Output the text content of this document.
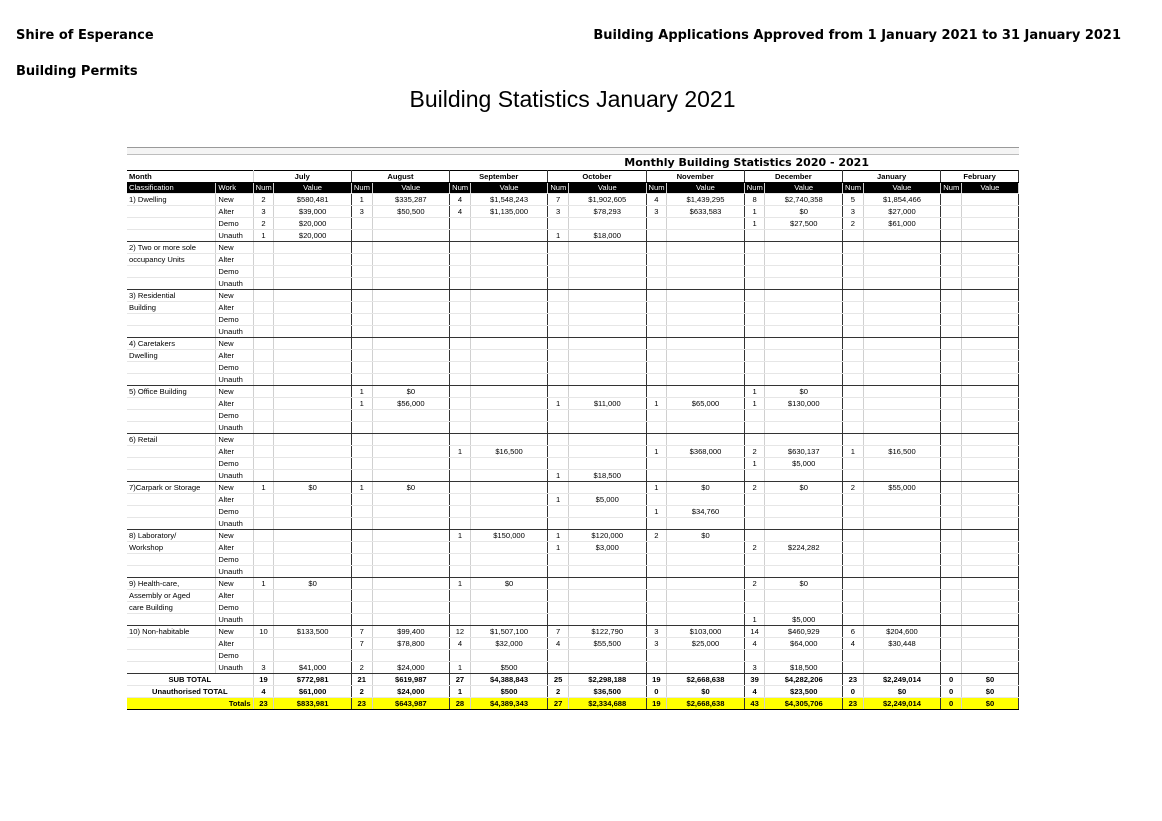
Shire of Esperance
Building Permits
Building Applications Approved from 1 January 2021 to 31 January 2021
Building Statistics January 2021
Monthly Building Statistics 2020 - 2021
Month		July		August		September		October		November		December		January		February	
Classification	Work	Num	Value	Num	Value	Num	Value	Num	Value	Num	Value	Num	Value	Num	Value	Num	Value
1) Dwelling	New	2	$580,481	1	$335,287	4	$1,548,243	7	$1,902,605	4	$1,439,295	8	$2,740,358	5	$1,854,466		
	Alter	3	$39,000	3	$50,500	4	$1,135,000	3	$78,293	3	$633,583	1	$0	3	$27,000		
	Demo	2	$20,000									1	$27,500	2	$61,000		
	Unauth	1	$20,000					1	$18,000								
2) Two or more sole	New																
occupancy Units	Alter																
	Demo																
	Unauth																
3) Residential	New																
Building	Alter																
	Demo																
	Unauth																
4) Caretakers	New																
Dwelling	Alter																
	Demo																
	Unauth																
5) Office Building	New			1	$0							1	$0				
	Alter			1	$56,000			1	$11,000	1	$65,000	1	$130,000				
	Demo																
	Unauth																
6) Retail	New																
	Alter					1	$16,500			1	$368,000	2	$630,137	1	$16,500		
	Demo											1	$5,000				
	Unauth							1	$18,500								
7)Carpark or Storage	New	1	$0	1	$0					1	$0	2	$0	2	$55,000		
	Alter							1	$5,000								
	Demo									1	$34,760						
	Unauth																
8) Laboratory/	New					1	$150,000	1	$120,000	2	$0						
Workshop	Alter							1	$3,000			2	$224,282				
	Demo																
	Unauth																
9) Health-care,	New	1	$0			1	$0					2	$0				
Assembly or Aged	Alter																
care Building	Demo																
	Unauth											1	$5,000				
10) Non-habitable	New	10	$133,500	7	$99,400	12	$1,507,100	7	$122,790	3	$103,000	14	$460,929	6	$204,600		
	Alter			7	$78,800	4	$32,000	4	$55,500	3	$25,000	4	$64,000	4	$30,448		
	Demo																
	Unauth	3	$41,000	2	$24,000	1	$500					3	$18,500				
SUB TOTAL		19	$772,981	21	$619,987	27	$4,388,843	25	$2,298,188	19	$2,668,638	39	$4,282,206	23	$2,249,014	0	$0
Unauthorised TOTAL		4	$61,000	2	$24,000	1	$500	2	$36,500	0	$0	4	$23,500	0	$0	0	$0
Totals		23	$833,981	23	$643,987	28	$4,389,343	27	$2,334,688	19	$2,668,638	43	$4,305,706	23	$2,249,014	0	$0
